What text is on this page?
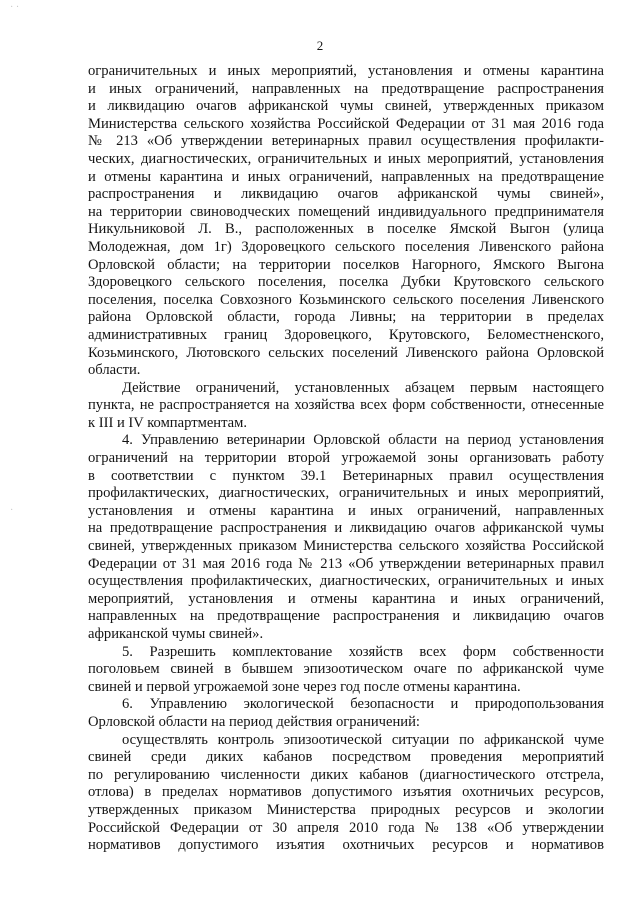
· ·
·
2
ограничительных и иных мероприятий, установления и отмены карантина
и иных ограничений, направленных на предотвращение распространения
и ликвидацию очагов африканской чумы свиней, утвержденных приказом
Министерства сельского хозяйства Российской Федерации от 31 мая 2016 года
№ 213 «Об утверждении ветеринарных правил осуществления профилакти-
ческих, диагностических, ограничительных и иных мероприятий, установления
и отмены карантина и иных ограничений, направленных на предотвращение
распространения и ликвидацию очагов африканской чумы свиней»,
на территории свиноводческих помещений индивидуального предпринимателя
Никульниковой Л. В., расположенных в поселке Ямской Выгон (улица
Молодежная, дом 1г) Здоровецкого сельского поселения Ливенского района
Орловской области; на территории поселков Нагорного, Ямского Выгона
Здоровецкого сельского поселения, поселка Дубки Крутовского сельского
поселения, поселка Совхозного Козьминского сельского поселения Ливенского
района Орловской области, города Ливны; на территории в пределах
административных границ Здоровецкого, Крутовского, Беломестненского,
Козьминского, Лютовского сельских поселений Ливенского района Орловской
области.
Действие ограничений, установленных абзацем первым настоящего
пункта, не распространяется на хозяйства всех форм собственности, отнесенные
к III и IV компартментам.
4. Управлению ветеринарии Орловской области на период установления
ограничений на территории второй угрожаемой зоны организовать работу
в соответствии с пунктом 39.1 Ветеринарных правил осуществления
профилактических, диагностических, ограничительных и иных мероприятий,
установления и отмены карантина и иных ограничений, направленных
на предотвращение распространения и ликвидацию очагов африканской чумы
свиней, утвержденных приказом Министерства сельского хозяйства Российской
Федерации от 31 мая 2016 года № 213 «Об утверждении ветеринарных правил
осуществления профилактических, диагностических, ограничительных и иных
мероприятий, установления и отмены карантина и иных ограничений,
направленных на предотвращение распространения и ликвидацию очагов
африканской чумы свиней».
5. Разрешить комплектование хозяйств всех форм собственности
поголовьем свиней в бывшем эпизоотическом очаге по африканской чуме
свиней и первой угрожаемой зоне через год после отмены карантина.
6. Управлению экологической безопасности и природопользования
Орловской области на период действия ограничений:
осуществлять контроль эпизоотической ситуации по африканской чуме
свиней среди диких кабанов посредством проведения мероприятий
по регулированию численности диких кабанов (диагностического отстрела,
отлова) в пределах нормативов допустимого изъятия охотничьих ресурсов,
утвержденных приказом Министерства природных ресурсов и экологии
Российской Федерации от 30 апреля 2010 года № 138 «Об утверждении
нормативов допустимого изъятия охотничьих ресурсов и нормативов
